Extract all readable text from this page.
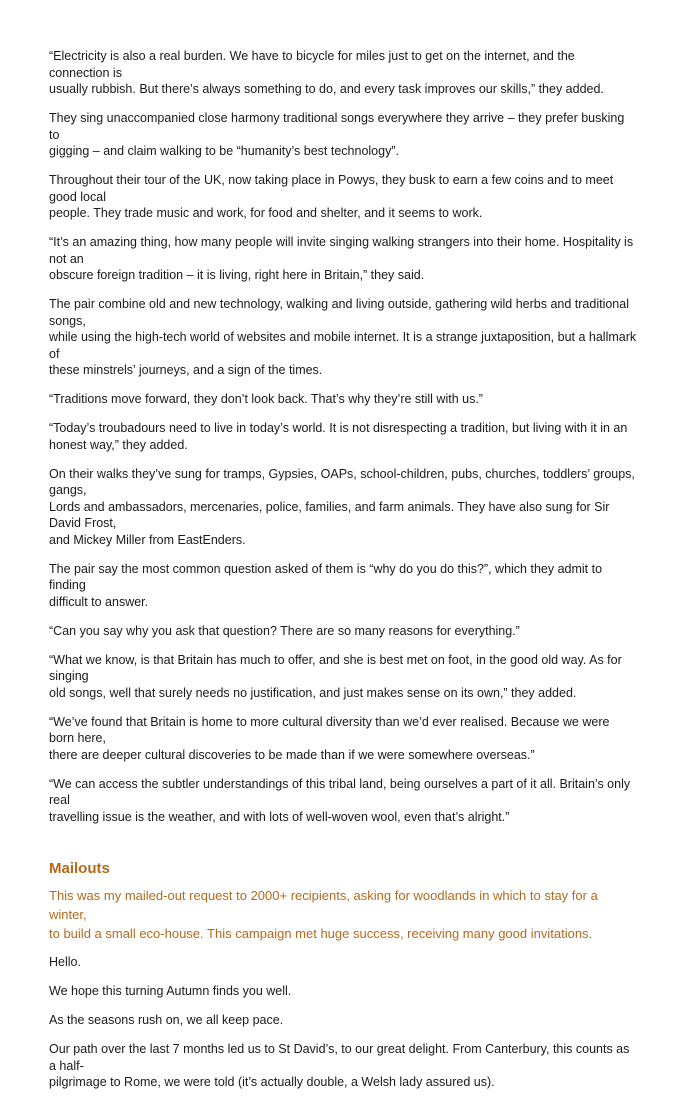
“Electricity is also a real burden. We have to bicycle for miles just to get on the internet, and the connection is
usually rubbish. But there’s always something to do, and every task improves our skills,” they added.

They sing unaccompanied close harmony traditional songs everywhere they arrive – they prefer busking to
gigging – and claim walking to be “humanity’s best technology”.

Throughout their tour of the UK, now taking place in Powys, they busk to earn a few coins and to meet good local
people. They trade music and work, for food and shelter, and it seems to work.

“It’s an amazing thing, how many people will invite singing walking strangers into their home. Hospitality is not an
obscure foreign tradition – it is living, right here in Britain,” they said.

The pair combine old and new technology, walking and living outside, gathering wild herbs and traditional songs,
while using the high-tech world of websites and mobile internet. It is a strange juxtaposition, but a hallmark of
these minstrels’ journeys, and a sign of the times.

“Traditions move forward, they don’t look back. That’s why they’re still with us.”

“Today’s troubadours need to live in today’s world. It is not disrespecting a tradition, but living with it in an
honest way,” they added.

On their walks they’ve sung for tramps, Gypsies, OAPs, school-children, pubs, churches, toddlers’ groups, gangs,
Lords and ambassadors, mercenaries, police, families, and farm animals. They have also sung for Sir David Frost,
and Mickey Miller from EastEnders.

The pair say the most common question asked of them is “why do you do this?”, which they admit to finding
difficult to answer.

“Can you say why you ask that question? There are so many reasons for everything.”

“What we know, is that Britain has much to offer, and she is best met on foot, in the good old way. As for singing
old songs, well that surely needs no justification, and just makes sense on its own,” they added.

“We’ve found that Britain is home to more cultural diversity than we’d ever realised. Because we were born here,
there are deeper cultural discoveries to be made than if we were somewhere overseas.”

“We can access the subtler understandings of this tribal land, being ourselves a part of it all. Britain’s only real
travelling issue is the weather, and with lots of well-woven wool, even that’s alright.”

Mailouts

This was my mailed-out request to 2000+ recipients, asking for woodlands in which to stay for a winter,
to build a small eco-house. This campaign met huge success, receiving many good invitations.

Hello.

We hope this turning Autumn finds you well.

As the seasons rush on, we all keep pace.

Our path over the last 7 months led us to St David’s, to our great delight. From Canterbury, this counts as a half-
pilgrimage to Rome, we were told (it’s actually double, a Welsh lady assured us).
